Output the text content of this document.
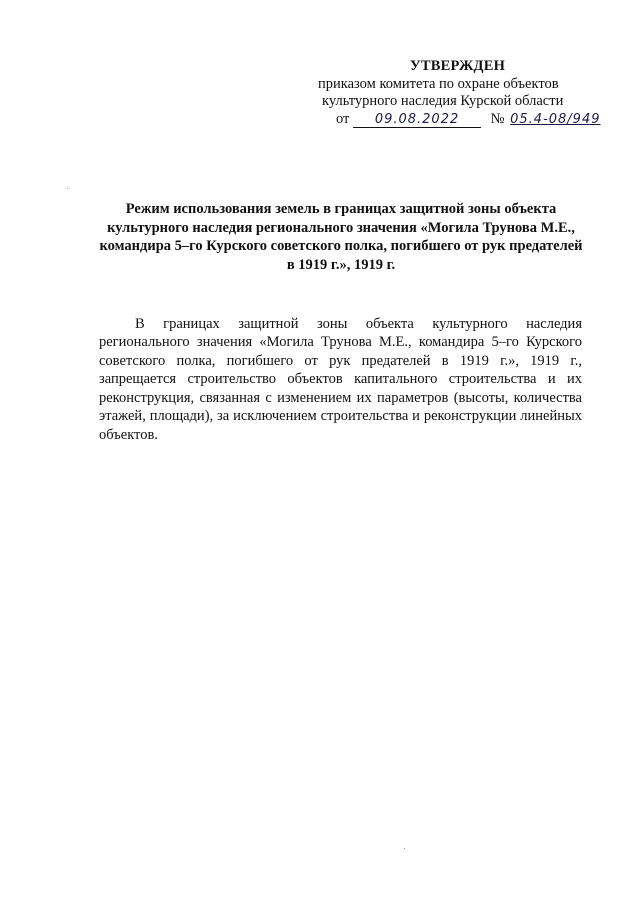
УТВЕРЖДЕН
приказом комитета по охране объектов
культурного наследия Курской области
от 09.08.2022 № 05.4-08/949
Режим использования земель в границах защитной зоны объекта культурного наследия регионального значения «Могила Трунова М.Е., командира 5–го Курского советского полка, погибшего от рук предателей в 1919 г.», 1919 г.

В границах защитной зоны объекта культурного наследия регионального значения «Могила Трунова М.Е., командира 5–го Курского советского полка, погибшего от рук предателей в 1919 г.», 1919 г., запрещается строительство объектов капитального строительства и их реконструкция, связанная с изменением их параметров (высоты, количества этажей, площади), за исключением строительства и реконструкции линейных объектов.
